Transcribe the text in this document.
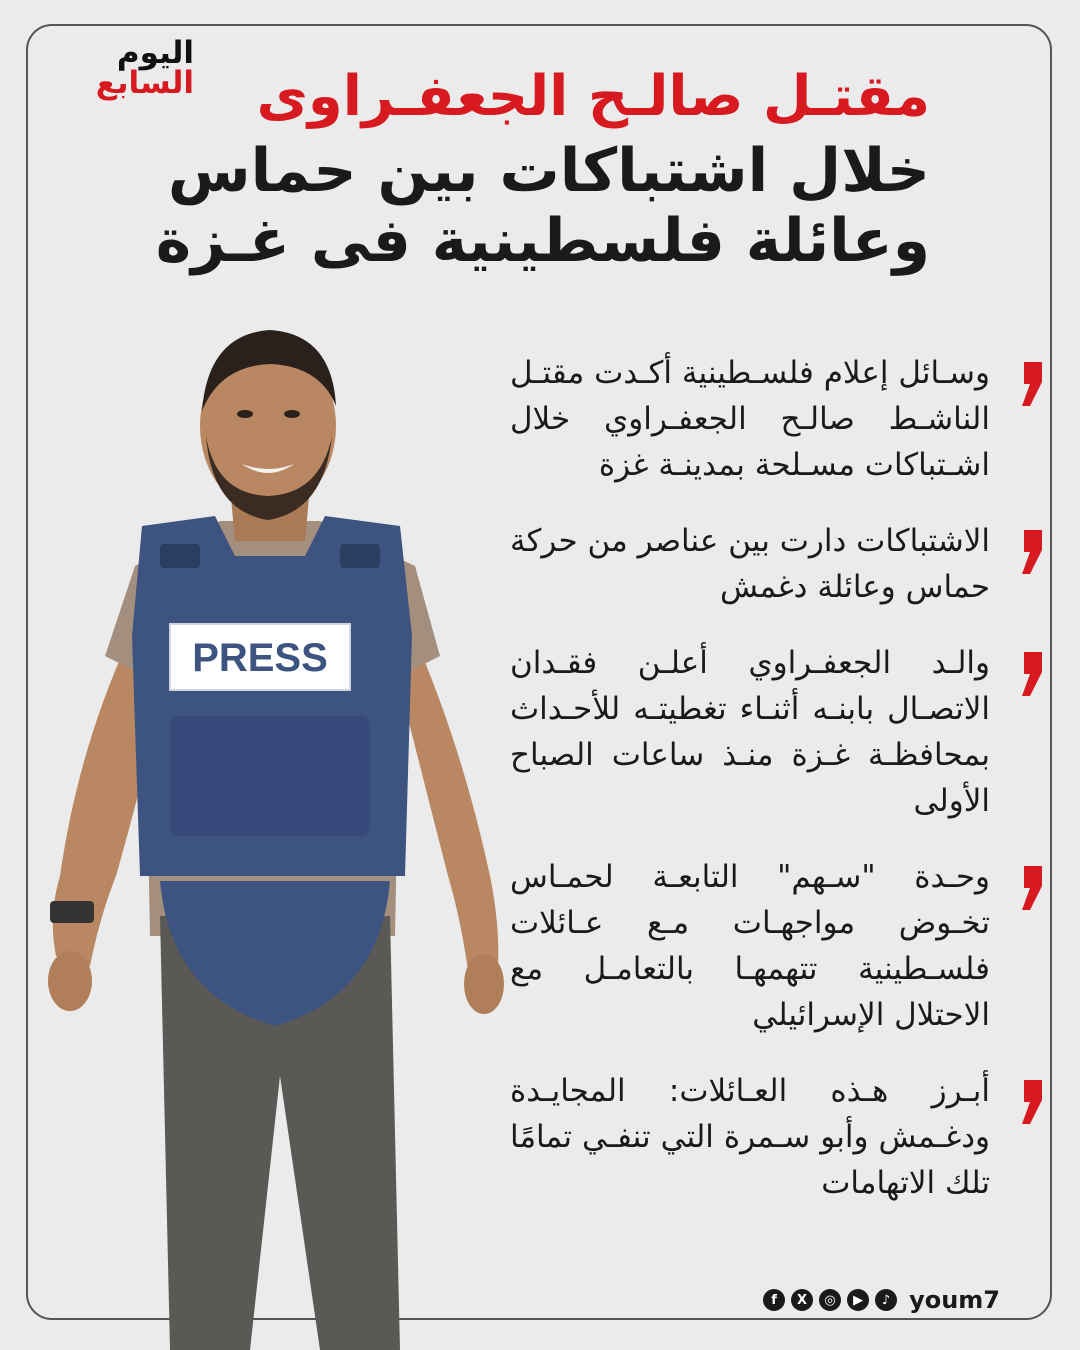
اليوم
السابع	مقتـل صالـح الجعفـراوى
خلال اشتباكات بين حماس
وعائلة فلسطينية فى غـزة
PRESS

وسـائل إعلام فلسـطينية أكـدت مقتـل الناشـط صالـح الجعفـراوي خلال اشـتباكات مسـلحة بمدينـة غزة

الاشتباكات دارت بين عناصر من حركة حماس وعائلة دغمش

والـد الجعفـراوي أعلـن فقـدان الاتصـال بابنـه أثنـاء تغطيتـه للأحـداث بمحافظـة غـزة منـذ ساعات الصباح الأولى

وحـدة "سـهم" التابعـة لحمـاس تخـوض مواجهـات مـع عـائلات فلسـطينية تتهمهـا بالتعامـل مع الاحتلال الإسرائيلي

أبـرز هـذه العـائلات: المجايـدة ودغـمش وأبو سـمرة التي تنفـي تمامًا تلك الاتهامات

f	X	◎	▶	♪ youm7
